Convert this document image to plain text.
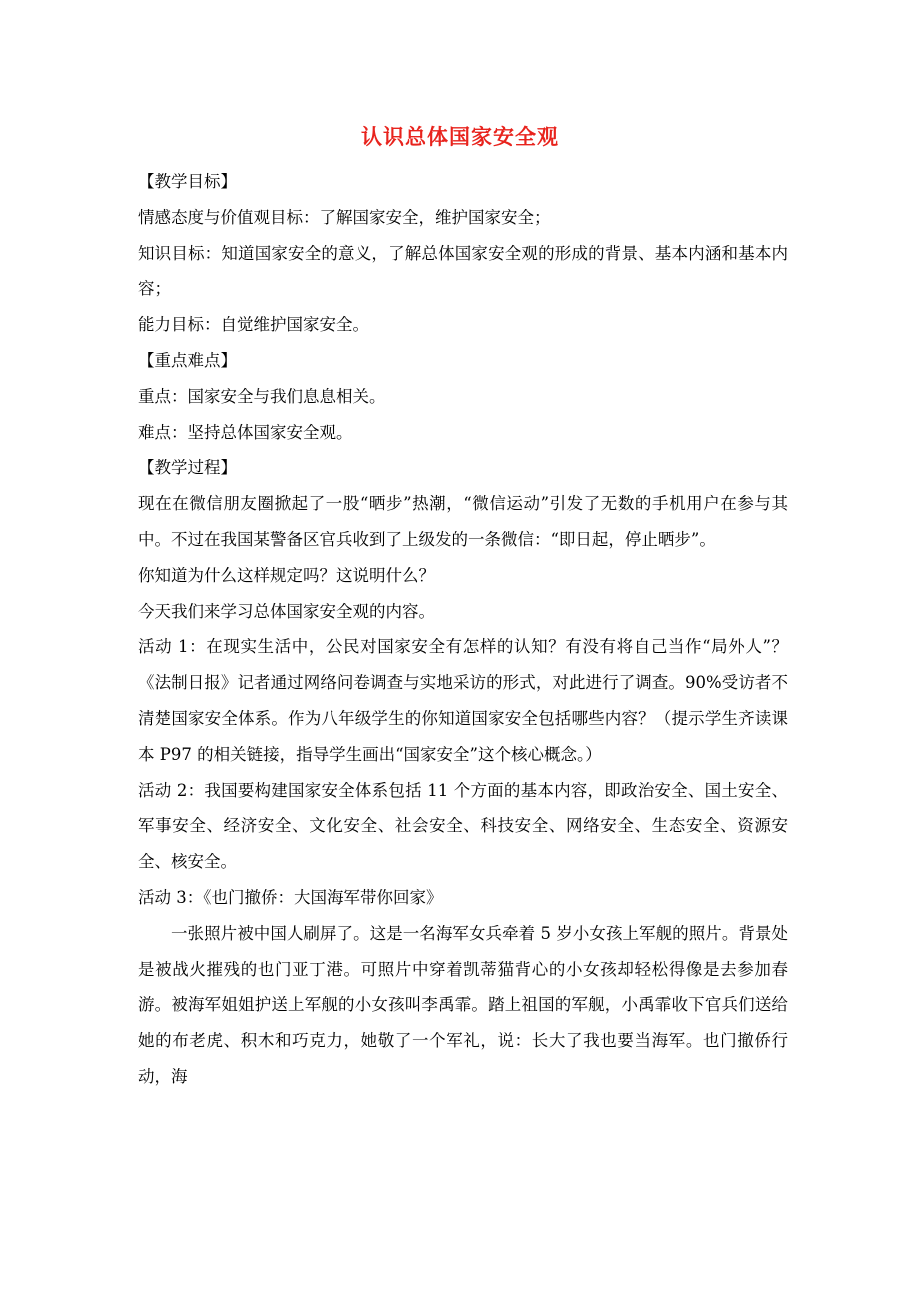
认识总体国家安全观

【教学目标】

情感态度与价值观目标：了解国家安全，维护国家安全；

知识目标：知道国家安全的意义，了解总体国家安全观的形成的背景、基本内涵和基本内容；

能力目标：自觉维护国家安全。

【重点难点】

重点：国家安全与我们息息相关。

难点：坚持总体国家安全观。

【教学过程】

现在在微信朋友圈掀起了一股“晒步”热潮，“微信运动”引发了无数的手机用户在参与其中。不过在我国某警备区官兵收到了上级发的一条微信：“即日起，停止晒步”。

你知道为什么这样规定吗？这说明什么？

今天我们来学习总体国家安全观的内容。

活动 1：在现实生活中，公民对国家安全有怎样的认知？有没有将自己当作“局外人”？《法制日报》记者通过网络问卷调查与实地采访的形式，对此进行了调查。90%受访者不清楚国家安全体系。作为八年级学生的你知道国家安全包括哪些内容？（提示学生齐读课本 P97 的相关链接，指导学生画出“国家安全”这个核心概念。）

活动 2：我国要构建国家安全体系包括 11 个方面的基本内容，即政治安全、国土安全、军事安全、经济安全、文化安全、社会安全、科技安全、网络安全、生态安全、资源安全、核安全。

活动 3：《也门撤侨：大国海军带你回家》

一张照片被中国人刷屏了。这是一名海军女兵牵着 5 岁小女孩上军舰的照片。背景处是被战火摧残的也门亚丁港。可照片中穿着凯蒂猫背心的小女孩却轻松得像是去参加春游。被海军姐姐护送上军舰的小女孩叫李禹霏。踏上祖国的军舰，小禹霏收下官兵们送给她的布老虎、积木和巧克力，她敬了一个军礼，说：长大了我也要当海军。也门撤侨行动，海
